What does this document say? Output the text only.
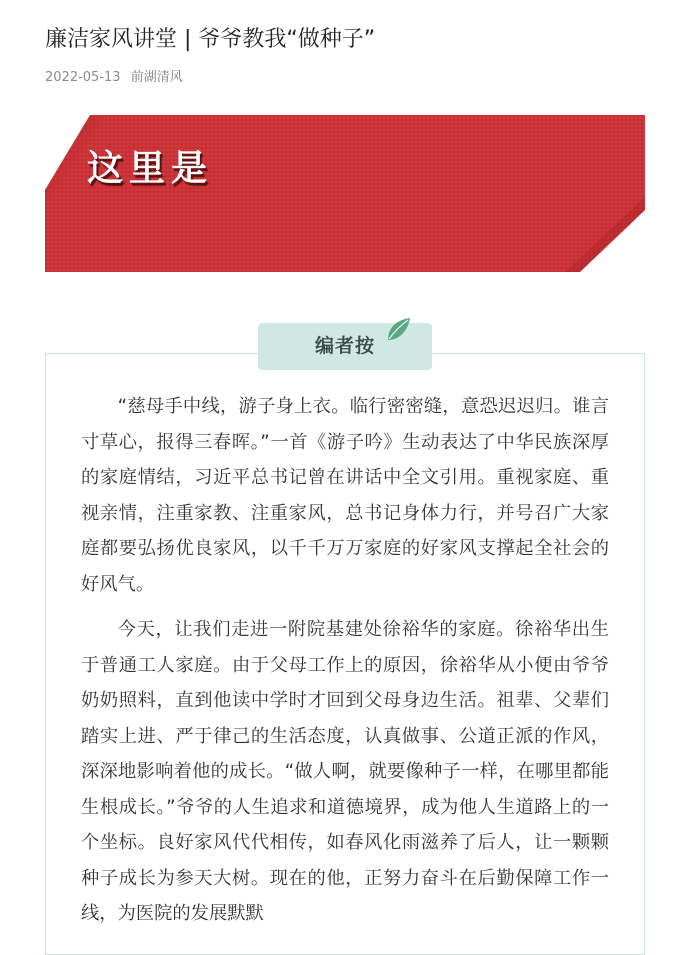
廉洁家风讲堂 | 爷爷教我“做种子”
2022-05-13 前湖清风
这里是
编者按

“慈母手中线，游子身上衣。临行密密缝，意恐迟迟归。谁言寸草心，报得三春晖。”一首《游子吟》生动表达了中华民族深厚的家庭情结，习近平总书记曾在讲话中全文引用。重视家庭、重视亲情，注重家教、注重家风，总书记身体力行，并号召广大家庭都要弘扬优良家风，以千千万万家庭的好家风支撑起全社会的好风气。

今天，让我们走进一附院基建处徐裕华的家庭。徐裕华出生于普通工人家庭。由于父母工作上的原因，徐裕华从小便由爷爷奶奶照料，直到他读中学时才回到父母身边生活。祖辈、父辈们踏实上进、严于律己的生活态度，认真做事、公道正派的作风，深深地影响着他的成长。“做人啊，就要像种子一样，在哪里都能生根成长。”爷爷的人生追求和道德境界，成为他人生道路上的一个坐标。良好家风代代相传，如春风化雨滋养了后人，让一颗颗种子成长为参天大树。现在的他，正努力奋斗在后勤保障工作一线，为医院的发展默默
